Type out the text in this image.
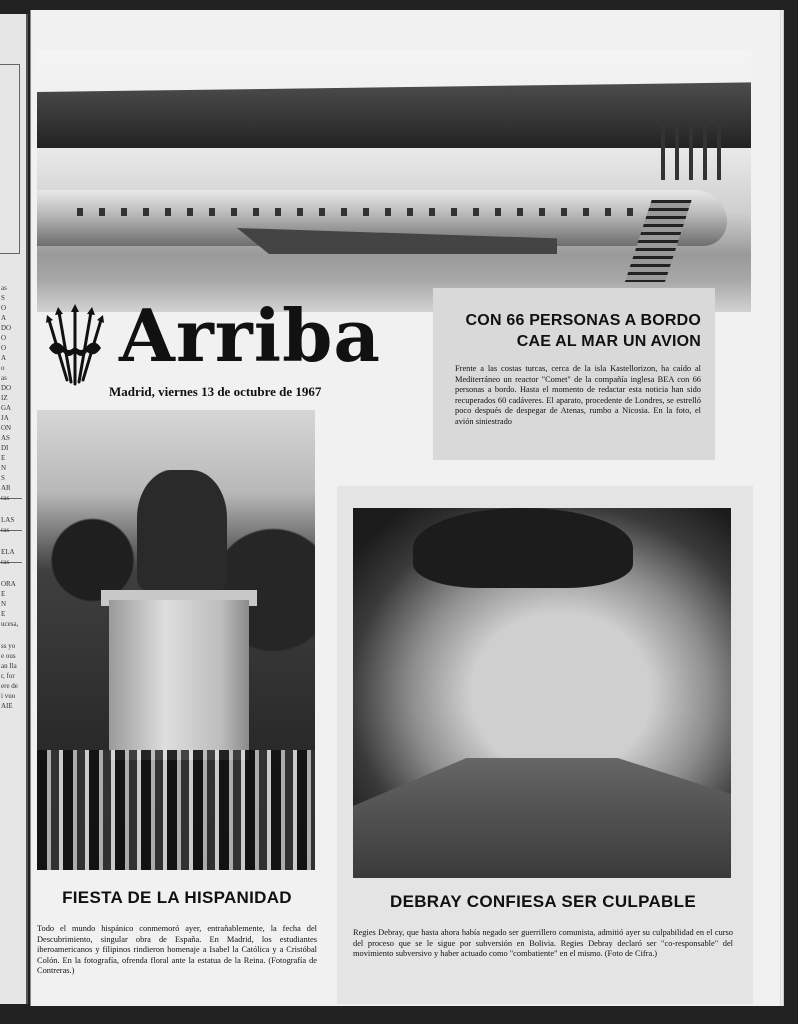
as
S
O
A
DO
O
O
A
o
as
DO
IZ
GA
JA
ON
AS
DI
E
N
S
AR
ras
LAS
ras
ELA
ras
ORA
E
N
E
ucesa,
ss yo
e ous
an Ila
r, for
ere de
i vuo
AIE
Arriba
Madrid, viernes 13 de octubre de 1967
CON 66 PERSONAS A BORDO
CAE AL MAR UN AVION
Frente a las costas turcas, cerca de la isla Kastellorizon, ha caído al Mediterráneo un reactor "Comet" de la compañía inglesa BEA con 66 personas a bordo. Hasta el momento de redactar esta noticia han sido recuperados 60 cadáveres. El aparato, procedente de Londres, se estrelló poco después de despegar de Atenas, rumbo a Nicosia. En la foto, el avión siniestrado
FIESTA DE LA HISPANIDAD
Todo el mundo hispánico conmemoró ayer, entrañablemente, la fecha del Descubrimiento, singular obra de España. En Madrid, los estudiantes iberoamericanos y filipinos rindieron homenaje a Isabel la Católica y a Cristóbal Colón. En la fotografía, ofrenda floral ante la estatua de la Reina. (Fotografía de Contreras.)
DEBRAY CONFIESA SER CULPABLE
Regies Debray, que hasta ahora había negado ser guerrillero comunista, admitió ayer su culpabilidad en el curso del proceso que se le sigue por subversión en Bolivia. Regies Debray declaró ser "co-responsable" del movimiento subversivo y haber actuado como "combatiente" en el mismo. (Foto de Cifra.)
